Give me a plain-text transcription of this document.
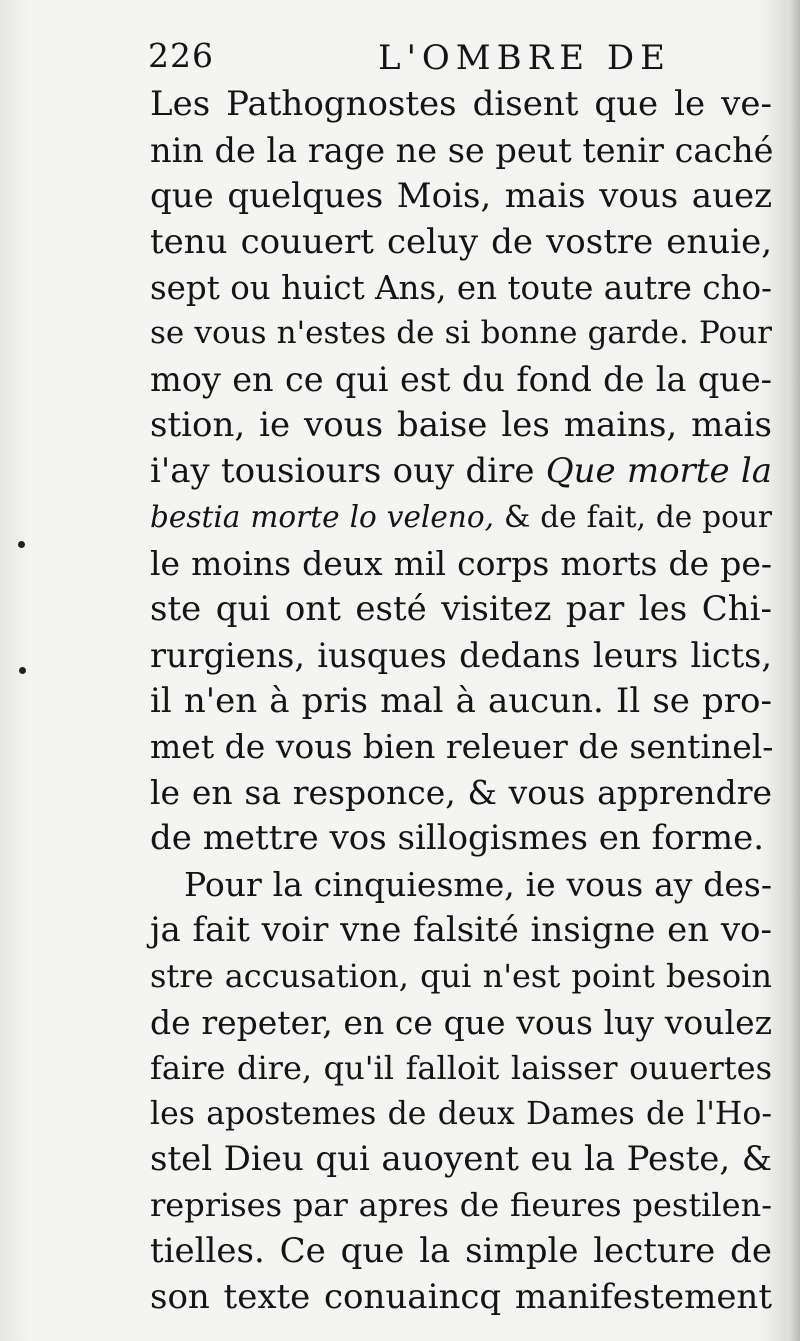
226	L'OMBRE DE
Les Pathognostes disent que le ve-
nin de la rage ne se peut tenir caché
que quelques Mois, mais vous auez
tenu couuert celuy de vostre enuie,
sept ou huict Ans, en toute autre cho-
se vous n'estes de si bonne garde. Pour
moy en ce qui est du fond de la que-
stion, ie vous baise les mains, mais
i'ay tousiours ouy dire Que morte la
bestia morte lo veleno, & de fait, de pour
le moins deux mil corps morts de pe-
ste qui ont esté visitez par les Chi-
rurgiens, iusques dedans leurs licts,
il n'en à pris mal à aucun. Il se pro-
met de vous bien releuer de sentinel-
le en sa responce, & vous apprendre
de mettre vos sillogismes en forme.
Pour la cinquiesme, ie vous ay des-
ja fait voir vne falsité insigne en vo-
stre accusation, qui n'est point besoin
de repeter, en ce que vous luy voulez
faire dire, qu'il falloit laisser ouuertes
les apostemes de deux Dames de l'Ho-
stel Dieu qui auoyent eu la Peste, &
reprises par apres de fieures pestilen-
tielles. Ce que la simple lecture de
son texte conuaincq manifestement
